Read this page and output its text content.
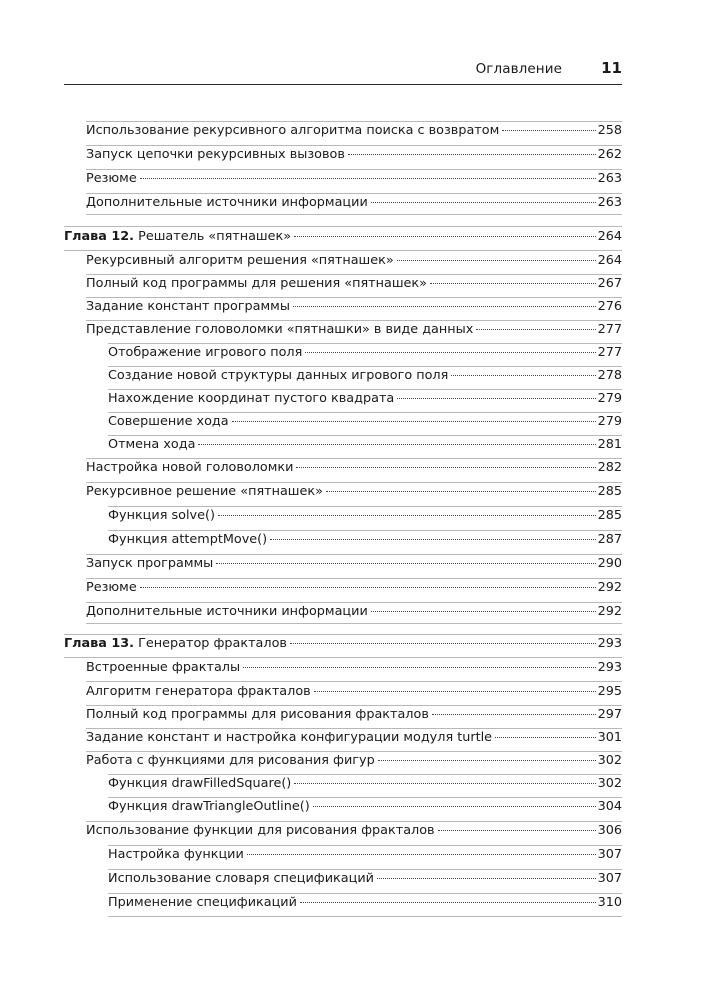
Оглавление	11
Использование рекурсивного алгоритма поиска с возвратом	258
Запуск цепочки рекурсивных вызовов	262
Резюме	263
Дополнительные источники информации	263
Глава 12. Решатель «пятнашек»	264
Рекурсивный алгоритм решения «пятнашек»	264
Полный код программы для решения «пятнашек»	267
Задание констант программы	276
Представление головоломки «пятнашки» в виде данных	277
Отображение игрового поля	277
Создание новой структуры данных игрового поля	278
Нахождение координат пустого квадрата	279
Совершение хода	279
Отмена хода	281
Настройка новой головоломки	282
Рекурсивное решение «пятнашек»	285
Функция solve()	285
Функция attemptMove()	287
Запуск программы	290
Резюме	292
Дополнительные источники информации	292
Глава 13. Генератор фракталов	293
Встроенные фракталы	293
Алгоритм генератора фракталов	295
Полный код программы для рисования фракталов	297
Задание констант и настройка конфигурации модуля turtle	301
Работа с функциями для рисования фигур	302
Функция drawFilledSquare()	302
Функция drawTriangleOutline()	304
Использование функции для рисования фракталов	306
Настройка функции	307
Использование словаря спецификаций	307
Применение спецификаций	310
